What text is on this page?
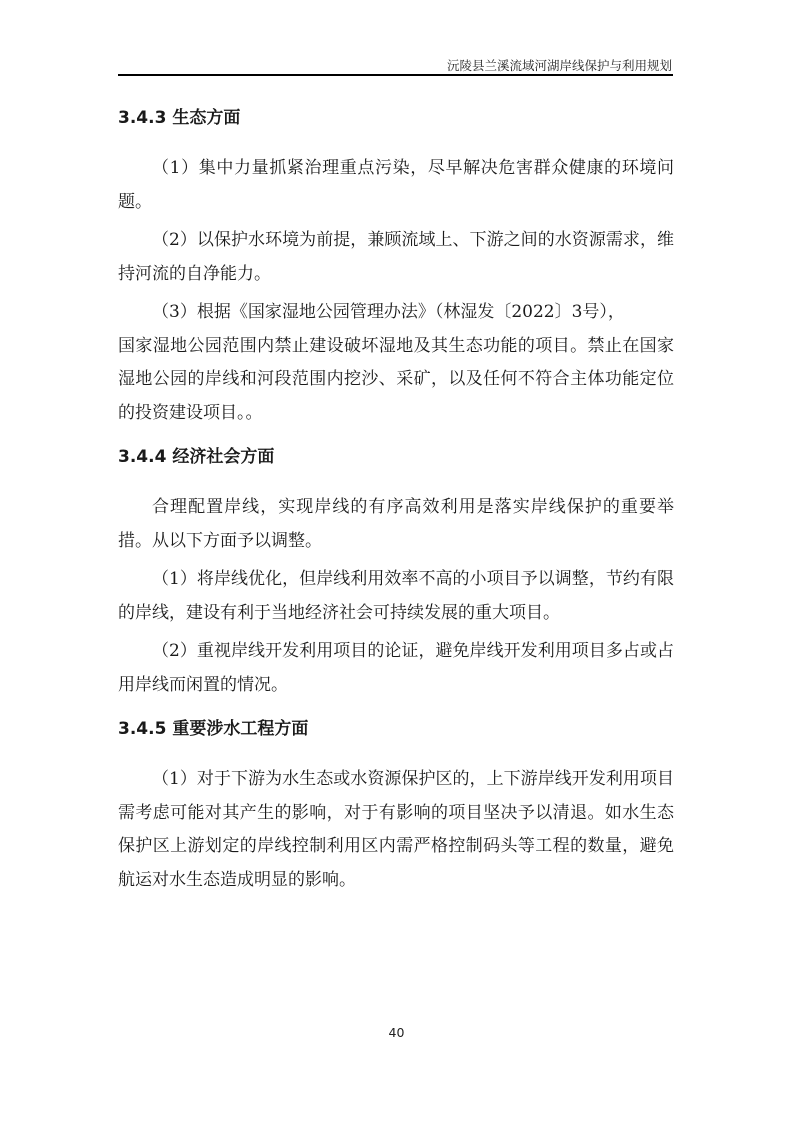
沅陵县兰溪流域河湖岸线保护与利用规划
3.4.3 生态方面

（1）集中力量抓紧治理重点污染，尽早解决危害群众健康的环境问题。

（2）以保护水环境为前提，兼顾流域上、下游之间的水资源需求，维持河流的自净能力。

（3）根据《国家湿地公园管理办法》（林湿发〔2022〕3号），

国家湿地公园范围内禁止建设破坏湿地及其生态功能的项目。禁止在国家湿地公园的岸线和河段范围内挖沙、采矿，以及任何不符合主体功能定位的投资建设项目。。

3.4.4 经济社会方面

合理配置岸线，实现岸线的有序高效利用是落实岸线保护的重要举措。从以下方面予以调整。

（1）将岸线优化，但岸线利用效率不高的小项目予以调整，节约有限的岸线，建设有利于当地经济社会可持续发展的重大项目。

（2）重视岸线开发利用项目的论证，避免岸线开发利用项目多占或占用岸线而闲置的情况。

3.4.5 重要涉水工程方面

（1）对于下游为水生态或水资源保护区的，上下游岸线开发利用项目需考虑可能对其产生的影响，对于有影响的项目坚决予以清退。如水生态保护区上游划定的岸线控制利用区内需严格控制码头等工程的数量，避免航运对水生态造成明显的影响。

40
